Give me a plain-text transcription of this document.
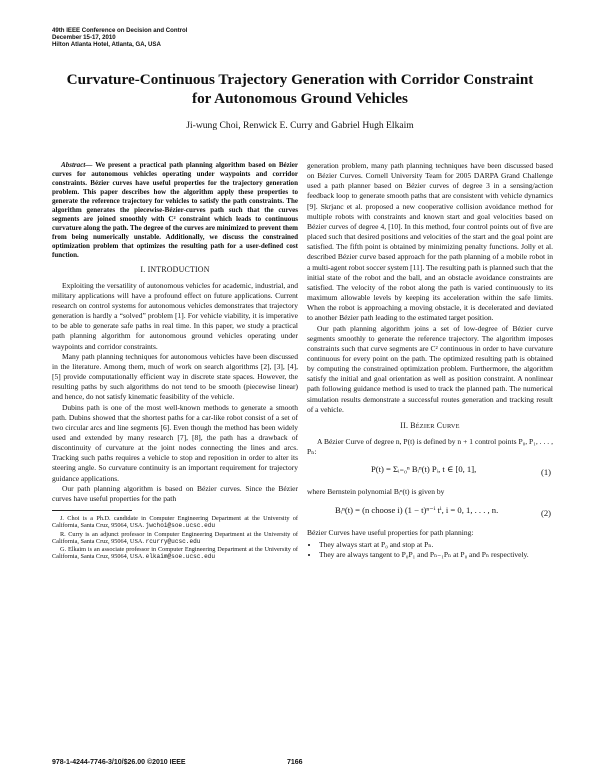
49th IEEE Conference on Decision and Control
December 15-17, 2010
Hilton Atlanta Hotel, Atlanta, GA, USA
Curvature-Continuous Trajectory Generation with Corridor Constraint
for Autonomous Ground Vehicles
Ji-wung Choi, Renwick E. Curry and Gabriel Hugh Elkaim

Abstract— We present a practical path planning algorithm based on Bézier curves for autonomous vehicles operating under waypoints and corridor constraints. Bézier curves have useful properties for the trajectory generation problem. This paper describes how the algorithm apply these properties to generate the reference trajectory for vehicles to satisfy the path constraints. The algorithm generates the piecewise-Bézier-curves path such that the curves segments are joined smoothly with C² constraint which leads to continuous curvature along the path. The degree of the curves are minimized to prevent them from being numerically unstable. Additionally, we discuss the constrained optimization problem that optimizes the resulting path for a user-defined cost function.

I. INTRODUCTION

Exploiting the versatility of autonomous vehicles for academic, industrial, and military applications will have a profound effect on future applications. Current research on control systems for autonomous vehicles demonstrates that trajectory generation is hardly a “solved” problem [1]. For vehicle viability, it is imperative to be able to generate safe paths in real time. In this paper, we study a practical path planning algorithm for autonomous ground vehicles operating under waypoints and corridor constraints.

Many path planning techniques for autonomous vehicles have been discussed in the literature. Among them, much of work on search algorithms [2], [3], [4], [5] provide computationally efficient way in discrete state spaces. However, the resulting paths by such algorithms do not tend to be smooth (piecewise linear) and hence, do not satisfy kinematic feasibility of the vehicle.

Dubins path is one of the most well-known methods to generate a smooth path. Dubins showed that the shortest paths for a car-like robot consist of a set of two circular arcs and line segments [6]. Even though the method has been widely used and extended by many research [7], [8], the path has a drawback of discontinuity of curvature at the joint nodes connecting the lines and arcs. Tracking such paths requires a vehicle to stop and reposition in order to alter its steering angle. So curvature continuity is an important requirement for trajectory guidance applications.

Our path planning algorithm is based on Bézier curves. Since the Bézier curves have useful properties for the path

J. Choi is a Ph.D. candidate in Computer Engineering Department at the University of California, Santa Cruz, 95064, USA. jwchoi@soe.ucsc.edu

R. Curry is an adjunct professor in Computer Engineering Department at the University of California, Santa Cruz, 95064, USA. rcurry@ucsc.edu

G. Elkaim is an associate professor in Computer Engineering Department at the University of California, Santa Cruz, 95064, USA. elkaim@soe.ucsc.edu

generation problem, many path planning techniques have been discussed based on Bézier Curves. Cornell University Team for 2005 DARPA Grand Challenge used a path planner based on Bézier curves of degree 3 in a sensing/action feedback loop to generate smooth paths that are consistent with vehicle dynamics [9]. Skrjanc et al. proposed a new cooperative collision avoidance method for multiple robots with constraints and known start and goal velocities based on Bézier curves of degree 4, [10]. In this method, four control points out of five are placed such that desired positions and velocities of the start and the goal point are satisfied. The fifth point is obtained by minimizing penalty functions. Jolly et al. described Bézier curve based approach for the path planning of a mobile robot in a multi-agent robot soccer system [11]. The resulting path is planned such that the initial state of the robot and the ball, and an obstacle avoidance constraints are satisfied. The velocity of the robot along the path is varied continuously to its maximum allowable levels by keeping its acceleration within the safe limits. When the robot is approaching a moving obstacle, it is decelerated and deviated to another Bézier path leading to the estimated target position.

Our path planning algorithm joins a set of low-degree of Bézier curve segments smoothly to generate the reference trajectory. The algorithm imposes constraints such that curve segments are C² continuous in order to have curvature continuous for every point on the path. The optimized resulting path is obtained by computing the constrained optimization problem. Furthermore, the algorithm satisfy the initial and goal orientation as well as position constraint. A nonlinear path following guidance method is used to track the planned path. The numerical simulation results demonstrate a successful routes generation and tracking result of a vehicle.

II. BÉZIER CURVE

A Bézier Curve of degree n, P(t) is defined by n + 1 control points P₀, P₁, . . . , Pₙ:

P(t) = Σᵢ₌₀ⁿ Bᵢⁿ(t) Pᵢ, t ∈ [0, 1],	(1)

where Bernstein polynomial Bᵢⁿ(t) is given by

Bᵢⁿ(t) = (n choose i) (1 − t)ⁿ⁻ⁱ tⁱ, i = 0, 1, . . . , n.	(2)

Bézier Curves have useful properties for path planning:

• They always start at P₀ and stop at Pₙ.
• They are always tangent to P₀P₁ and Pₙ₋₁Pₙ at P₀ and Pₙ respectively.
978-1-4244-7746-3/10/$26.00 ©2010 IEEE	7166
